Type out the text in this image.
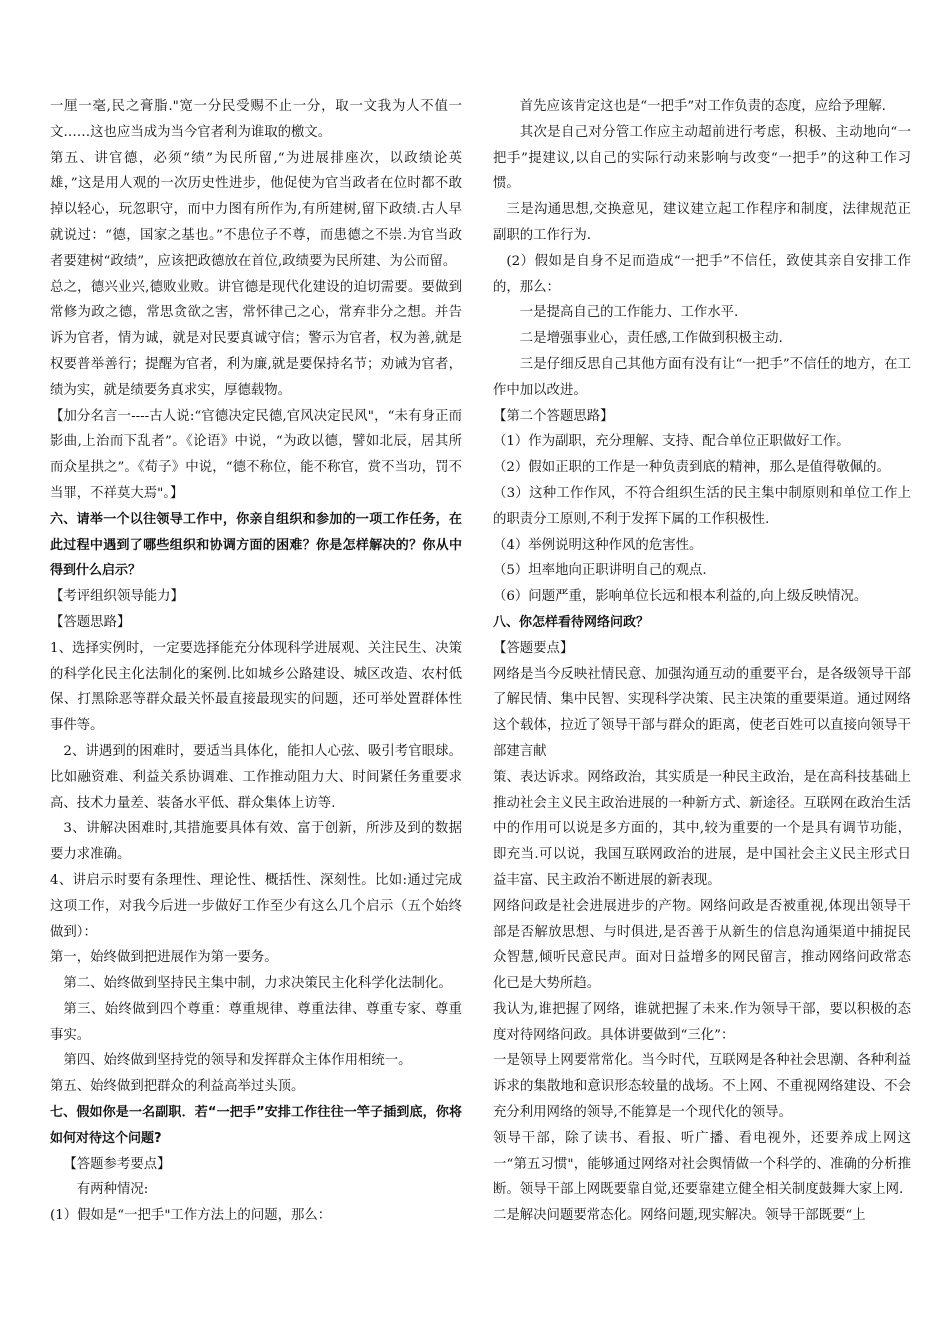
一厘一毫,民之膏脂."宽一分民受赐不止一分，取一文我为人不值一文……这也应当成为当今官者利为谁取的檄文。

第五、讲官德，必须“绩”为民所留,“为进展排座次，以政绩论英雄，”这是用人观的一次历史性进步，他促使为官当政者在位时都不敢掉以轻心，玩忽职守，而中力图有所作为,有所建树,留下政绩.古人早就说过：“德，国家之基也。”不患位子不尊，而患德之不崇.为官当政者要建树“政绩”，应该把政德放在首位,政绩要为民所建、为公而留。

总之，德兴业兴,德败业败。讲官德是现代化建设的迫切需要。要做到常修为政之德，常思贪欲之害，常怀律己之心，常弃非分之想。并告诉为官者，情为诚，就是对民要真诚守信；警示为官者，权为善,就是权要普举善行；提醒为官者，利为廉,就是要保持名节；劝诫为官者，绩为实，就是绩要务真求实，厚德载物。

【加分名言一----古人说:“官德决定民德,官风决定民风"，“未有身正而影曲,上治而下乱者”。《论语》中说，“为政以德，譬如北辰，居其所而众星拱之”。《荀子》中说，“德不称位，能不称官，赏不当功，罚不当罪，不祥莫大焉"。】

六、请举一个以往领导工作中，你亲自组织和参加的一项工作任务，在此过程中遇到了哪些组织和协调方面的困难？你是怎样解决的？你从中得到什么启示？

【考评组织领导能力】

【答题思路】

1、选择实例时，一定要选择能充分体现科学进展观、关注民生、决策的科学化民主化法制化的案例.比如城乡公路建设、城区改造、农村低保、打黑除恶等群众最关怀最直接最现实的问题，还可举处置群体性事件等。

2、讲遇到的困难时，要适当具体化，能扣人心弦、吸引考官眼球。比如融资难、利益关系协调难、工作推动阻力大、时间紧任务重要求高、技术力量差、装备水平低、群众集体上访等.

3、讲解决困难时,其措施要具体有效、富于创新，所涉及到的数据要力求准确。

4、讲启示时要有条理性、理论性、概括性、深刻性。比如:通过完成这项工作，对我今后进一步做好工作至少有这么几个启示（五个始终做到）：

第一，始终做到把进展作为第一要务。

第二、始终做到坚持民主集中制，力求决策民主化科学化法制化。

第三、始终做到四个尊重：尊重规律、尊重法律、尊重专家、尊重事实。

第四、始终做到坚持党的领导和发挥群众主体作用相统一。

第五、始终做到把群众的利益高举过头顶。

七、假如你是一名副职．若“一把手”安排工作往往一竿子插到底，你将如何对待这个问题?

【答题参考要点】

有两种情况:

(1）假如是“一把手"工作方法上的问题，那么：

首先应该肯定这也是“一把手”对工作负责的态度，应给予理解.

其次是自己对分管工作应主动超前进行考虑，积极、主动地向“一把手”提建议,以自己的实际行动来影响与改变“一把手”的这种工作习惯。

三是沟通思想,交换意见，建议建立起工作程序和制度，法律规范正副职的工作行为.

(2）假如是自身不足而造成“一把手”不信任，致使其亲自安排工作的，那么：

一是提高自己的工作能力、工作水平.

二是增强事业心，责任感,工作做到积极主动.

三是仔细反思自己其他方面有没有让“一把手”不信任的地方，在工作中加以改进。

【第二个答题思路】

（1）作为副职，充分理解、支持、配合单位正职做好工作。

（2）假如正职的工作是一种负责到底的精神，那么是值得敬佩的。

（3）这种工作作风，不符合组织生活的民主集中制原则和单位工作上的职责分工原则,不利于发挥下属的工作积极性.

（4）举例说明这种作风的危害性。

（5）坦率地向正职讲明自己的观点.

（6）问题严重，影响单位长远和根本利益的,向上级反映情况。

八、你怎样看待网络问政？

【答题要点】

网络是当今反映社情民意、加强沟通互动的重要平台，是各级领导干部了解民情、集中民智、实现科学决策、民主决策的重要渠道。通过网络这个载体，拉近了领导干部与群众的距离，使老百姓可以直接向领导干部建言献

策、表达诉求。网络政治，其实质是一种民主政治，是在高科技基础上推动社会主义民主政治进展的一种新方式、新途径。互联网在政治生活中的作用可以说是多方面的，其中,较为重要的一个是具有调节功能，即充当.可以说，我国互联网政治的进展，是中国社会主义民主形式日益丰富、民主政治不断进展的新表现。

网络问政是社会进展进步的产物。网络问政是否被重视,体现出领导干部是否解放思想、与时俱进,是否善于从新生的信息沟通渠道中捕捉民众智慧,倾听民意民声。面对日益增多的网民留言，推动网络问政常态化已是大势所趋。

我认为,谁把握了网络，谁就把握了未来.作为领导干部，要以积极的态度对待网络问政。具体讲要做到“三化”：

一是领导上网要常常化。当今时代，互联网是各种社会思潮、各种利益诉求的集散地和意识形态较量的战场。不上网、不重视网络建设、不会充分利用网络的领导,不能算是一个现代化的领导。

领导干部，除了读书、看报、听广播、看电视外，还要养成上网这一“第五习惯"，能够通过网络对社会舆情做一个科学的、准确的分析推断。领导干部上网既要靠自觉,还要靠建立健全相关制度鼓舞大家上网.

二是解决问题要常态化。网络问题,现实解决。领导干部既要“上
